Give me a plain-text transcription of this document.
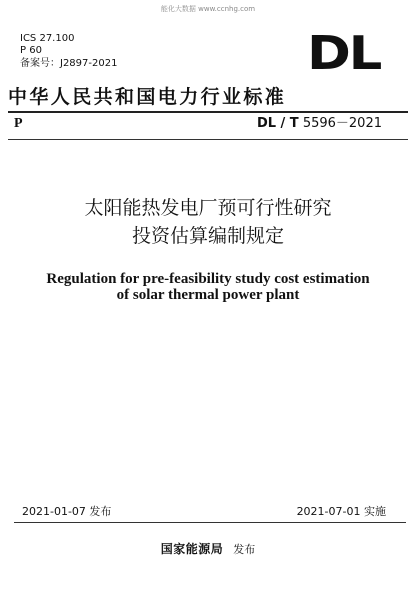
能化大数据 www.ccnhg.com
ICS 27.100
P 60
备案号：J2897-2021	DL
中华人民共和国电力行业标准
P	DL / T 5596－2021
太阳能热发电厂预可行性研究
投资估算编制规定
Regulation for pre-feasibility study cost estimation
of solar thermal power plant
2021-01-07 发布	2021-07-01 实施
国家能源局 发布
